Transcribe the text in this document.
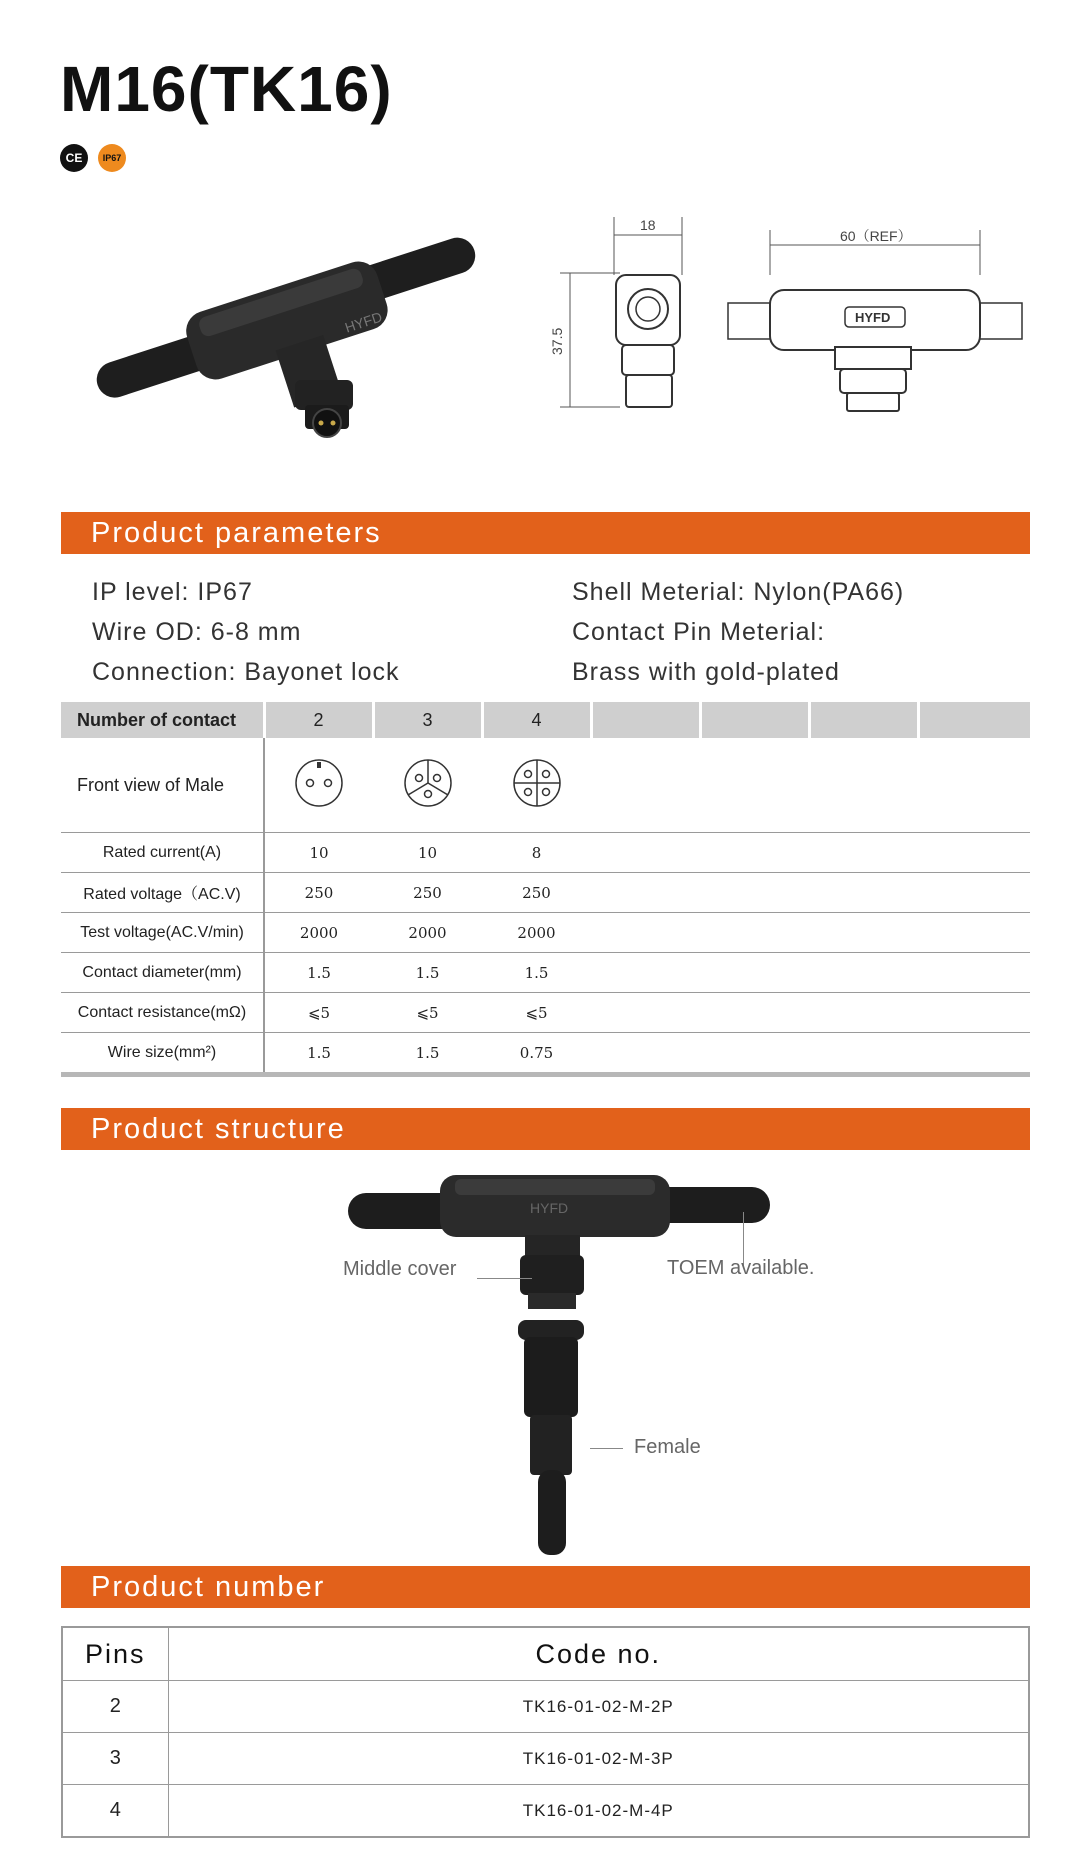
M16(TK16)
CE	IP67
HYFD
18
37.5
60（REF）
HYFD
Product parameters
IP level: IP67
Wire OD: 6-8 mm
Connection: Bayonet lock
Shell Meterial: Nylon(PA66)
Contact Pin Meterial:
Brass with gold-plated
Number of contact	2	3	4				
Front view of Male							
Rated current(A)	10	10	8				
Rated voltage（AC.V)	250	250	250				
Test voltage(AC.V/min)	2000	2000	2000				
Contact diameter(mm)	1.5	1.5	1.5				
Contact resistance(mΩ)	⩽5	⩽5	⩽5				
Wire size(mm²)	1.5	1.5	0.75				
Product structure
HYFD
Middle cover	TOEM available.
Female
Product number
Pins	Code no.
2	TK16-01-02-M-2P
3	TK16-01-02-M-3P
4	TK16-01-02-M-4P
